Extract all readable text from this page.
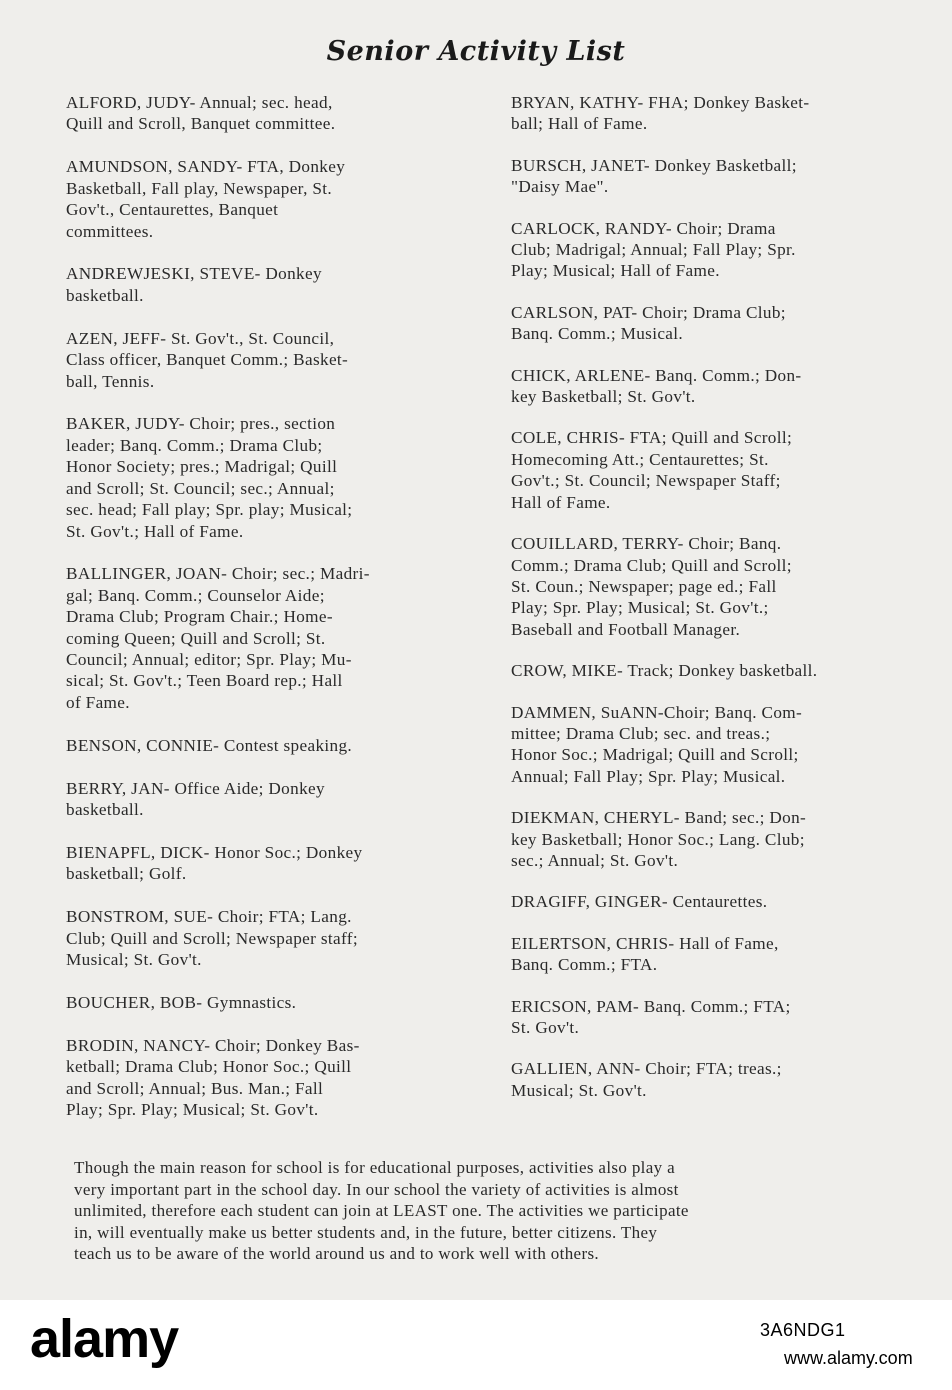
Senior Activity List

ALFORD, JUDY- Annual; sec. head,
Quill and Scroll, Banquet committee.

AMUNDSON, SANDY- FTA, Donkey
Basketball, Fall play, Newspaper, St.
Gov't., Centaurettes, Banquet
committees.

ANDREWJESKI, STEVE- Donkey
basketball.

AZEN, JEFF- St. Gov't., St. Council,
Class officer, Banquet Comm.; Basket-
ball, Tennis.

BAKER, JUDY- Choir; pres., section
leader; Banq. Comm.; Drama Club;
Honor Society; pres.; Madrigal; Quill
and Scroll; St. Council; sec.; Annual;
sec. head; Fall play; Spr. play; Musical;
St. Gov't.; Hall of Fame.

BALLINGER, JOAN- Choir; sec.; Madri-
gal; Banq. Comm.; Counselor Aide;
Drama Club; Program Chair.; Home-
coming Queen; Quill and Scroll; St.
Council; Annual; editor; Spr. Play; Mu-
sical; St. Gov't.; Teen Board rep.; Hall
of Fame.

BENSON, CONNIE- Contest speaking.

BERRY, JAN- Office Aide; Donkey
basketball.

BIENAPFL, DICK- Honor Soc.; Donkey
basketball; Golf.

BONSTROM, SUE- Choir; FTA; Lang.
Club; Quill and Scroll; Newspaper staff;
Musical; St. Gov't.

BOUCHER, BOB- Gymnastics.

BRODIN, NANCY- Choir; Donkey Bas-
ketball; Drama Club; Honor Soc.; Quill
and Scroll; Annual; Bus. Man.; Fall
Play; Spr. Play; Musical; St. Gov't.

BRYAN, KATHY- FHA; Donkey Basket-
ball; Hall of Fame.

BURSCH, JANET- Donkey Basketball;
"Daisy Mae".

CARLOCK, RANDY- Choir; Drama
Club; Madrigal; Annual; Fall Play; Spr.
Play; Musical; Hall of Fame.

CARLSON, PAT- Choir; Drama Club;
Banq. Comm.; Musical.

CHICK, ARLENE- Banq. Comm.; Don-
key Basketball; St. Gov't.

COLE, CHRIS- FTA; Quill and Scroll;
Homecoming Att.; Centaurettes; St.
Gov't.; St. Council; Newspaper Staff;
Hall of Fame.

COUILLARD, TERRY- Choir; Banq.
Comm.; Drama Club; Quill and Scroll;
St. Coun.; Newspaper; page ed.; Fall
Play; Spr. Play; Musical; St. Gov't.;
Baseball and Football Manager.

CROW, MIKE- Track; Donkey basketball.

DAMMEN, SuANN-Choir; Banq. Com-
mittee; Drama Club; sec. and treas.;
Honor Soc.; Madrigal; Quill and Scroll;
Annual; Fall Play; Spr. Play; Musical.

DIEKMAN, CHERYL- Band; sec.; Don-
key Basketball; Honor Soc.; Lang. Club;
sec.; Annual; St. Gov't.

DRAGIFF, GINGER- Centaurettes.

EILERTSON, CHRIS- Hall of Fame,
Banq. Comm.; FTA.

ERICSON, PAM- Banq. Comm.; FTA;
St. Gov't.

GALLIEN, ANN- Choir; FTA; treas.;
Musical; St. Gov't.

Though the main reason for school is for educational purposes, activities also play a
very important part in the school day. In our school the variety of activities is almost
unlimited, therefore each student can join at LEAST one. The activities we participate
in, will eventually make us better students and, in the future, better citizens. They
teach us to be aware of the world around us and to work well with others.
alamy	3A6NDG1
www.alamy.com
